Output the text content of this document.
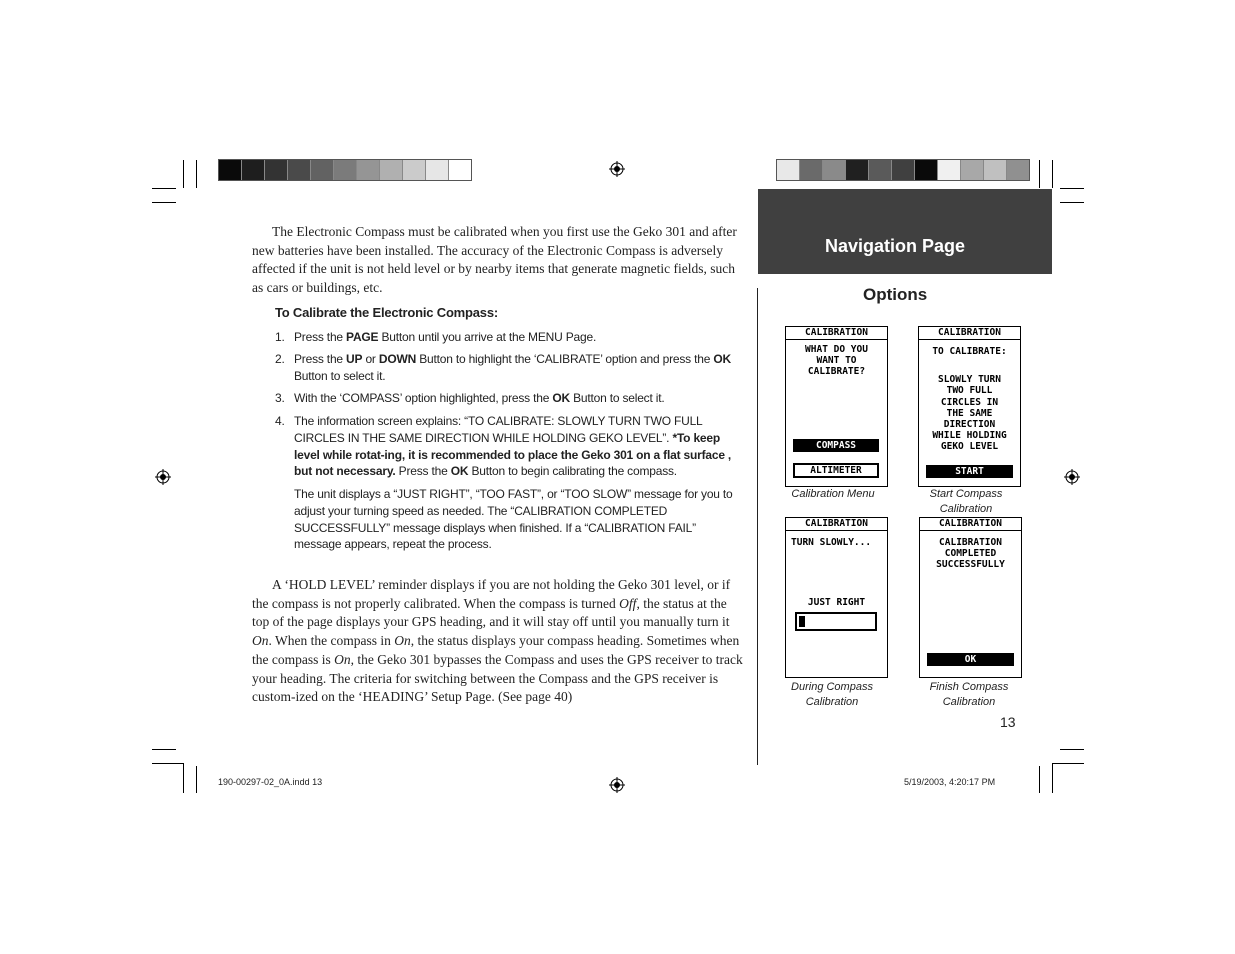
The Electronic Compass must be calibrated when you first use the Geko 301 and after new batteries have been installed. The accuracy of the Electronic Compass is adversely affected if the unit is not held level or by nearby items that generate magnetic fields, such as cars or buildings, etc.
To Calibrate the Electronic Compass:
1. Press the PAGE Button until you arrive at the MENU Page.
2. Press the UP or DOWN Button to highlight the ‘CALIBRATE’ option and press the OK Button to select it.
3. With the ‘COMPASS’ option highlighted, press the OK Button to select it.
4. The information screen explains: “TO CALIBRATE: SLOWLY TURN TWO FULL CIRCLES IN THE SAME DIRECTION WHILE HOLDING GEKO LEVEL”. *To keep level while rotat-ing, it is recommended to place the Geko 301 on a flat surface , but not necessary. Press the OK Button to begin calibrating the compass.
The unit displays a “JUST RIGHT”, “TOO FAST”, or “TOO SLOW” message for you to adjust your turning speed as needed. The “CALIBRATION COMPLETED SUCCESSFULLY” message displays when finished. If a “CALIBRATION FAIL” message appears, repeat the process.
A ‘HOLD LEVEL’ reminder displays if you are not holding the Geko 301 level, or if the compass is not properly calibrated. When the compass is turned Off, the status at the top of the page displays your GPS heading, and it will stay off until you manually turn it On. When the compass in On, the status displays your compass heading. Sometimes when the compass is On, the Geko 301 bypasses the Compass and uses the GPS receiver to track your heading. The criteria for switching between the Compass and the GPS receiver is custom-ized on the ‘HEADING’ Setup Page. (See page 40)
Navigation Page
Options
CALIBRATION
WHAT DO YOU
WANT TO
CALIBRATE?
COMPASS
ALTIMETER
Calibration Menu
CALIBRATION
TO CALIBRATE:
SLOWLY TURN
TWO FULL
CIRCLES IN
THE SAME
DIRECTION
WHILE HOLDING
GEKO LEVEL
START
Start Compass Calibration
CALIBRATION
TURN SLOWLY...
JUST RIGHT
During Compass Calibration
CALIBRATION
CALIBRATION
COMPLETED
SUCCESSFULLY
OK
Finish Compass Calibration
13
190-00297-02_0A.indd 13	5/19/2003, 4:20:17 PM
